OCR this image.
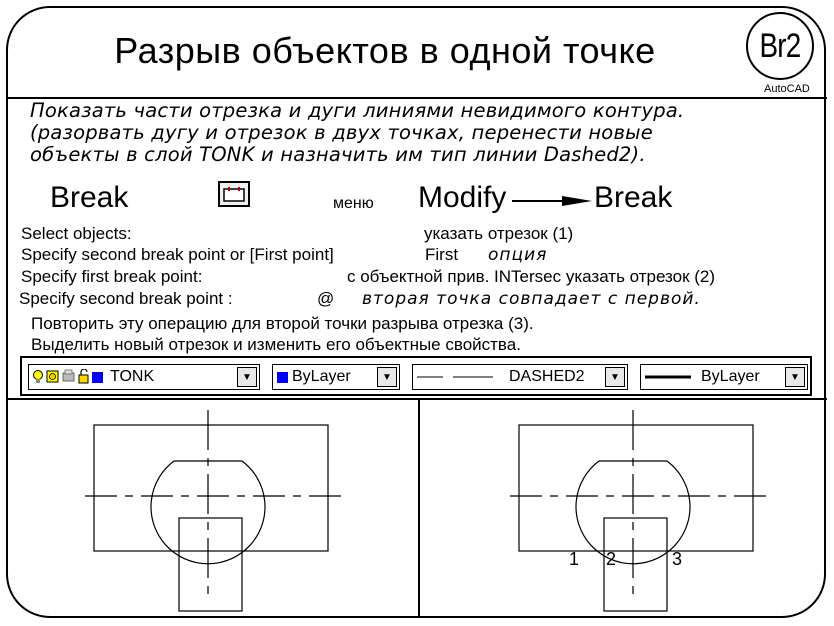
Разрыв объектов в одной точке	Br2
AutoCAD
Показать части отрезка и дуги линиями невидимого контура.
(разорвать дугу и отрезок в двух точках, перенести новые
объекты в слой TONK и назначить им тип линии Dashed2).
Break	меню Modify	Break
Select objects:	указать отрезок (1)
Specify second break point or [First point]	First опция
Specify first break point:	с объектной прив. INTersec указать отрезок (2)
Specify second break point :	@ вторая точка совпадает с первой.
Повторить эту операцию для второй точки разрыва отрезка (3).
Выделить новый отрезок и изменить его объектные свойства.
TONK	▼	ByLayer	▼	DASHED2	▼	ByLayer	▼
1 2	3
